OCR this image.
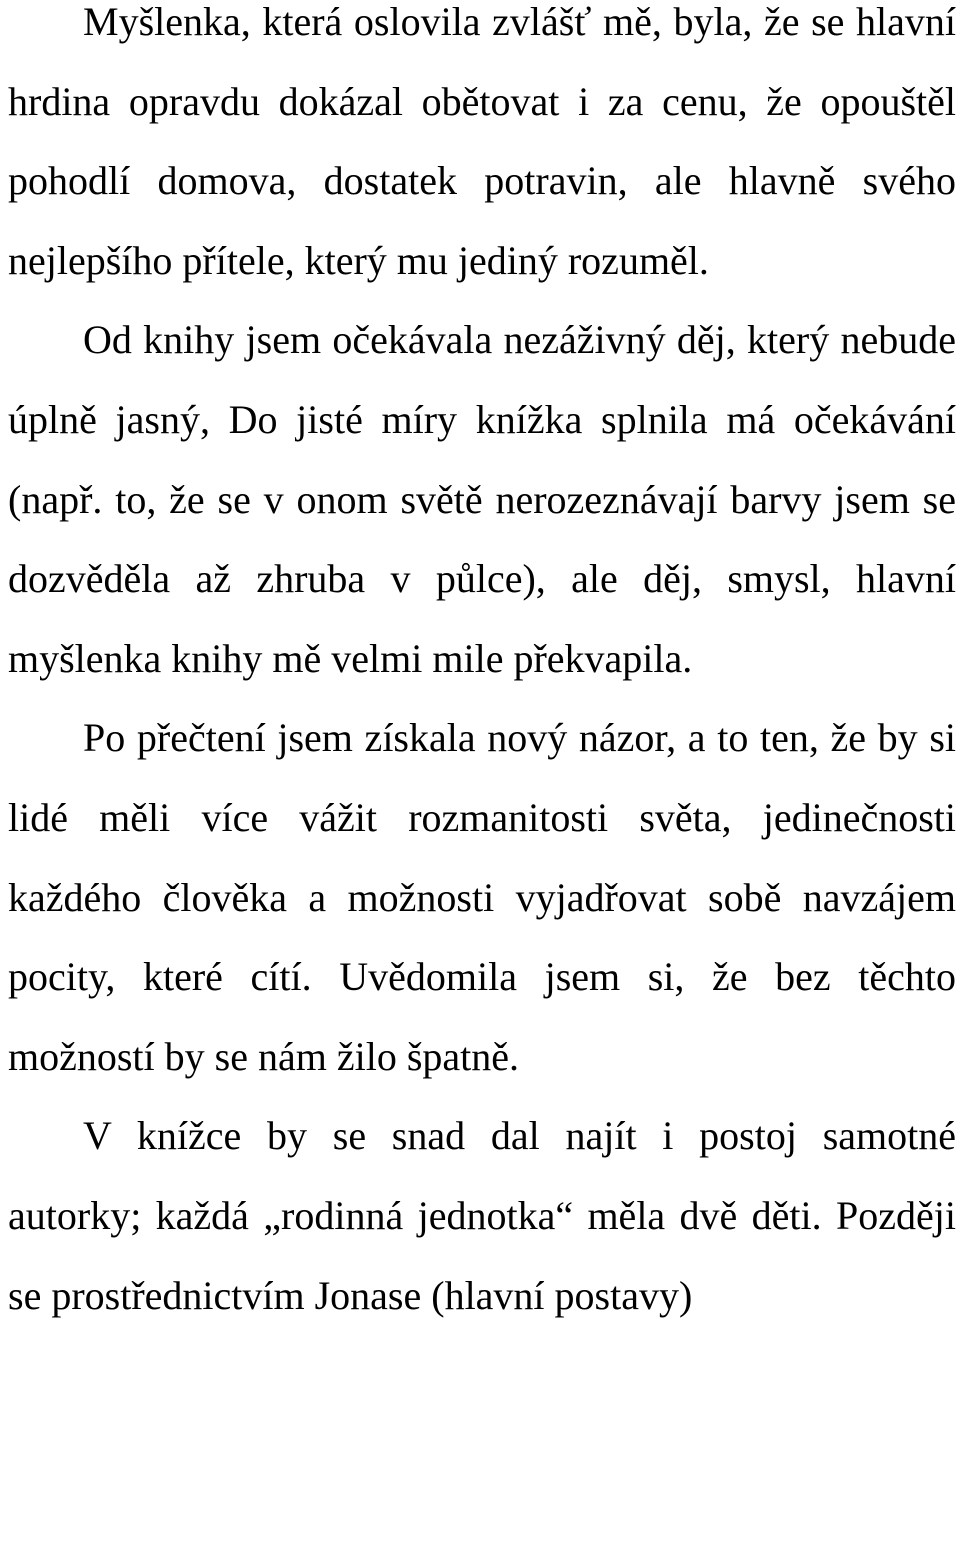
Myšlenka, která oslovila zvlášť mě, byla, že se hlavní hrdina opravdu dokázal obětovat i za cenu, že opouštěl pohodlí domova, dostatek potravin, ale hlavně svého nejlepšího přítele, který mu jediný rozuměl.

Od knihy jsem očekávala nezáživný děj, který nebude úplně jasný, Do jisté míry knížka splnila má očekávání (např. to, že se v onom světě nerozeznávají barvy jsem se dozvěděla až zhruba v půlce), ale děj, smysl, hlavní myšlenka knihy mě velmi mile překvapila.

Po přečtení jsem získala nový názor, a to ten, že by si lidé měli více vážit rozmanitosti světa, jedinečnosti každého člověka a možnosti vyjadřovat sobě navzájem pocity, které cítí. Uvědomila jsem si, že bez těchto možností by se nám žilo špatně.

V knížce by se snad dal najít i postoj samotné autorky; každá „rodinná jednotka“ měla dvě děti. Později se prostřednictvím Jonase (hlavní postavy)
